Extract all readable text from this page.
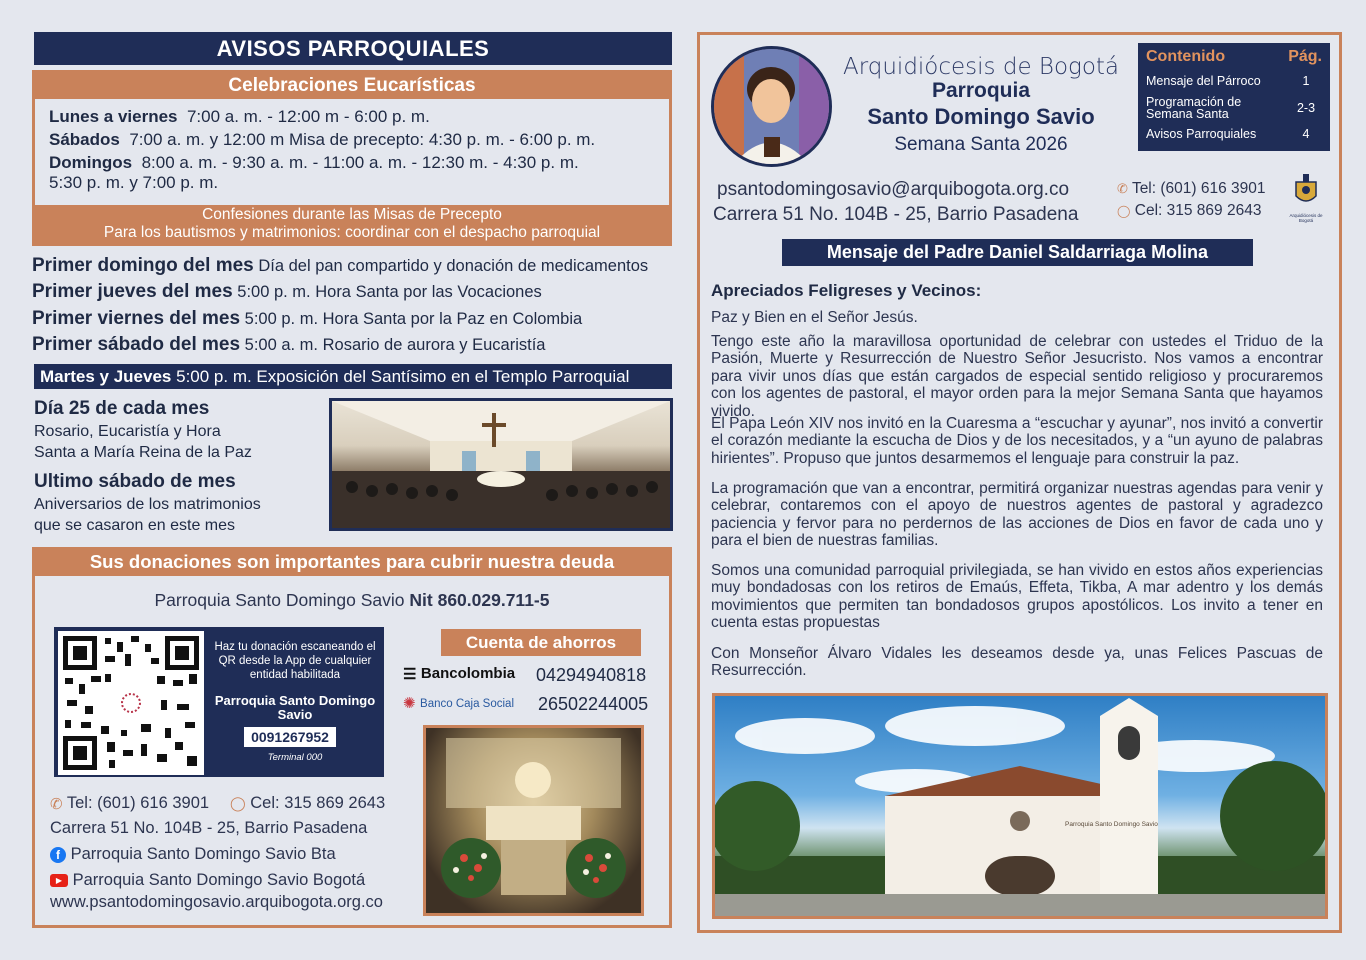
AVISOS PARROQUIALES
Celebraciones Eucarísticas
Lunes a viernes 7:00 a. m. - 12:00 m - 6:00 p. m.
Sábados 7:00 a. m. y 12:00 m Misa de precepto: 4:30 p. m. - 6:00 p. m.
Domingos 8:00 a. m. - 9:30 a. m. - 11:00 a. m. - 12:30 m. - 4:30 p. m.
5:30 p. m. y 7:00 p. m.
Confesiones durante las Misas de Precepto
Para los bautismos y matrimonios: coordinar con el despacho parroquial
Primer domingo del mes Día del pan compartido y donación de medicamentos
Primer jueves del mes 5:00 p. m. Hora Santa por las Vocaciones
Primer viernes del mes 5:00 p. m. Hora Santa por la Paz en Colombia
Primer sábado del mes 5:00 a. m. Rosario de aurora y Eucaristía
Martes y Jueves 5:00 p. m. Exposición del Santísimo en el Templo Parroquial
Día 25 de cada mes
Rosario, Eucaristía y Hora
Santa a María Reina de la Paz
Ultimo sábado de mes
Aniversarios de los matrimonios
que se casaron en este mes
Sus donaciones son importantes para cubrir nuestra deuda
Parroquia Santo Domingo Savio Nit 860.029.711-5
Haz tu donación escaneando el QR desde la App de cualquier entidad habilitada
Parroquia Santo Domingo Savio
0091267952
Terminal 000
Cuenta de ahorros
☰ Bancolombia 04294940818
✺ Banco Caja Social 26502244005
✆ Tel: (601) 616 3901 ◯ Cel: 315 869 2643
Carrera 51 No. 104B - 25, Barrio Pasadena
f Parroquia Santo Domingo Savio Bta
▶ Parroquia Santo Domingo Savio Bogotá
www.psantodomingosavio.arquibogota.org.co
Arquidiócesis de Bogotá
Parroquia
Santo Domingo Savio
Semana Santa 2026
Contenido	Pág.
Mensaje del Párroco	1
Programación de Semana Santa	2-3
Avisos Parroquiales	4
psantodomingosavio@arquibogota.org.co
Carrera 51 No. 104B - 25, Barrio Pasadena
✆ Tel: (601) 616 3901
◯ Cel: 315 869 2643	Arquidiócesis de Bogotá
Mensaje del Padre Daniel Saldarriaga Molina
Apreciados Feligreses y Vecinos:
Paz y Bien en el Señor Jesús.
Tengo este año la maravillosa oportunidad de celebrar con ustedes el Triduo de la Pasión, Muerte y Resurrección de Nuestro Señor Jesucristo. Nos vamos a encontrar para vivir unos días que están cargados de especial sentido religioso y procuraremos con los agentes de pastoral, el mayor orden para la mejor Semana Santa que hayamos vivido.
El Papa León XIV nos invitó en la Cuaresma a “escuchar y ayunar”, nos invitó a convertir el corazón mediante la escucha de Dios y de los necesitados, y a “un ayuno de palabras hirientes”. Propuso que juntos desarmemos el lenguaje para construir la paz.
La programación que van a encontrar, permitirá organizar nuestras agendas para venir y celebrar, contaremos con el apoyo de nuestros agentes de pastoral y agradezco paciencia y fervor para no perdernos de las acciones de Dios en favor de cada uno y para el bien de nuestras familias.
Somos una comunidad parroquial privilegiada, se han vivido en estos años experiencias muy bondadosas con los retiros de Emaús, Effeta, Tikba, A mar adentro y los demás movimientos que permiten tan bondadosos grupos apostólicos. Los invito a tener en cuenta estas propuestas
Con Monseñor Álvaro Vidales les deseamos desde ya, unas Felices Pascuas de Resurrección.
Parroquia Santo Domingo Savio
